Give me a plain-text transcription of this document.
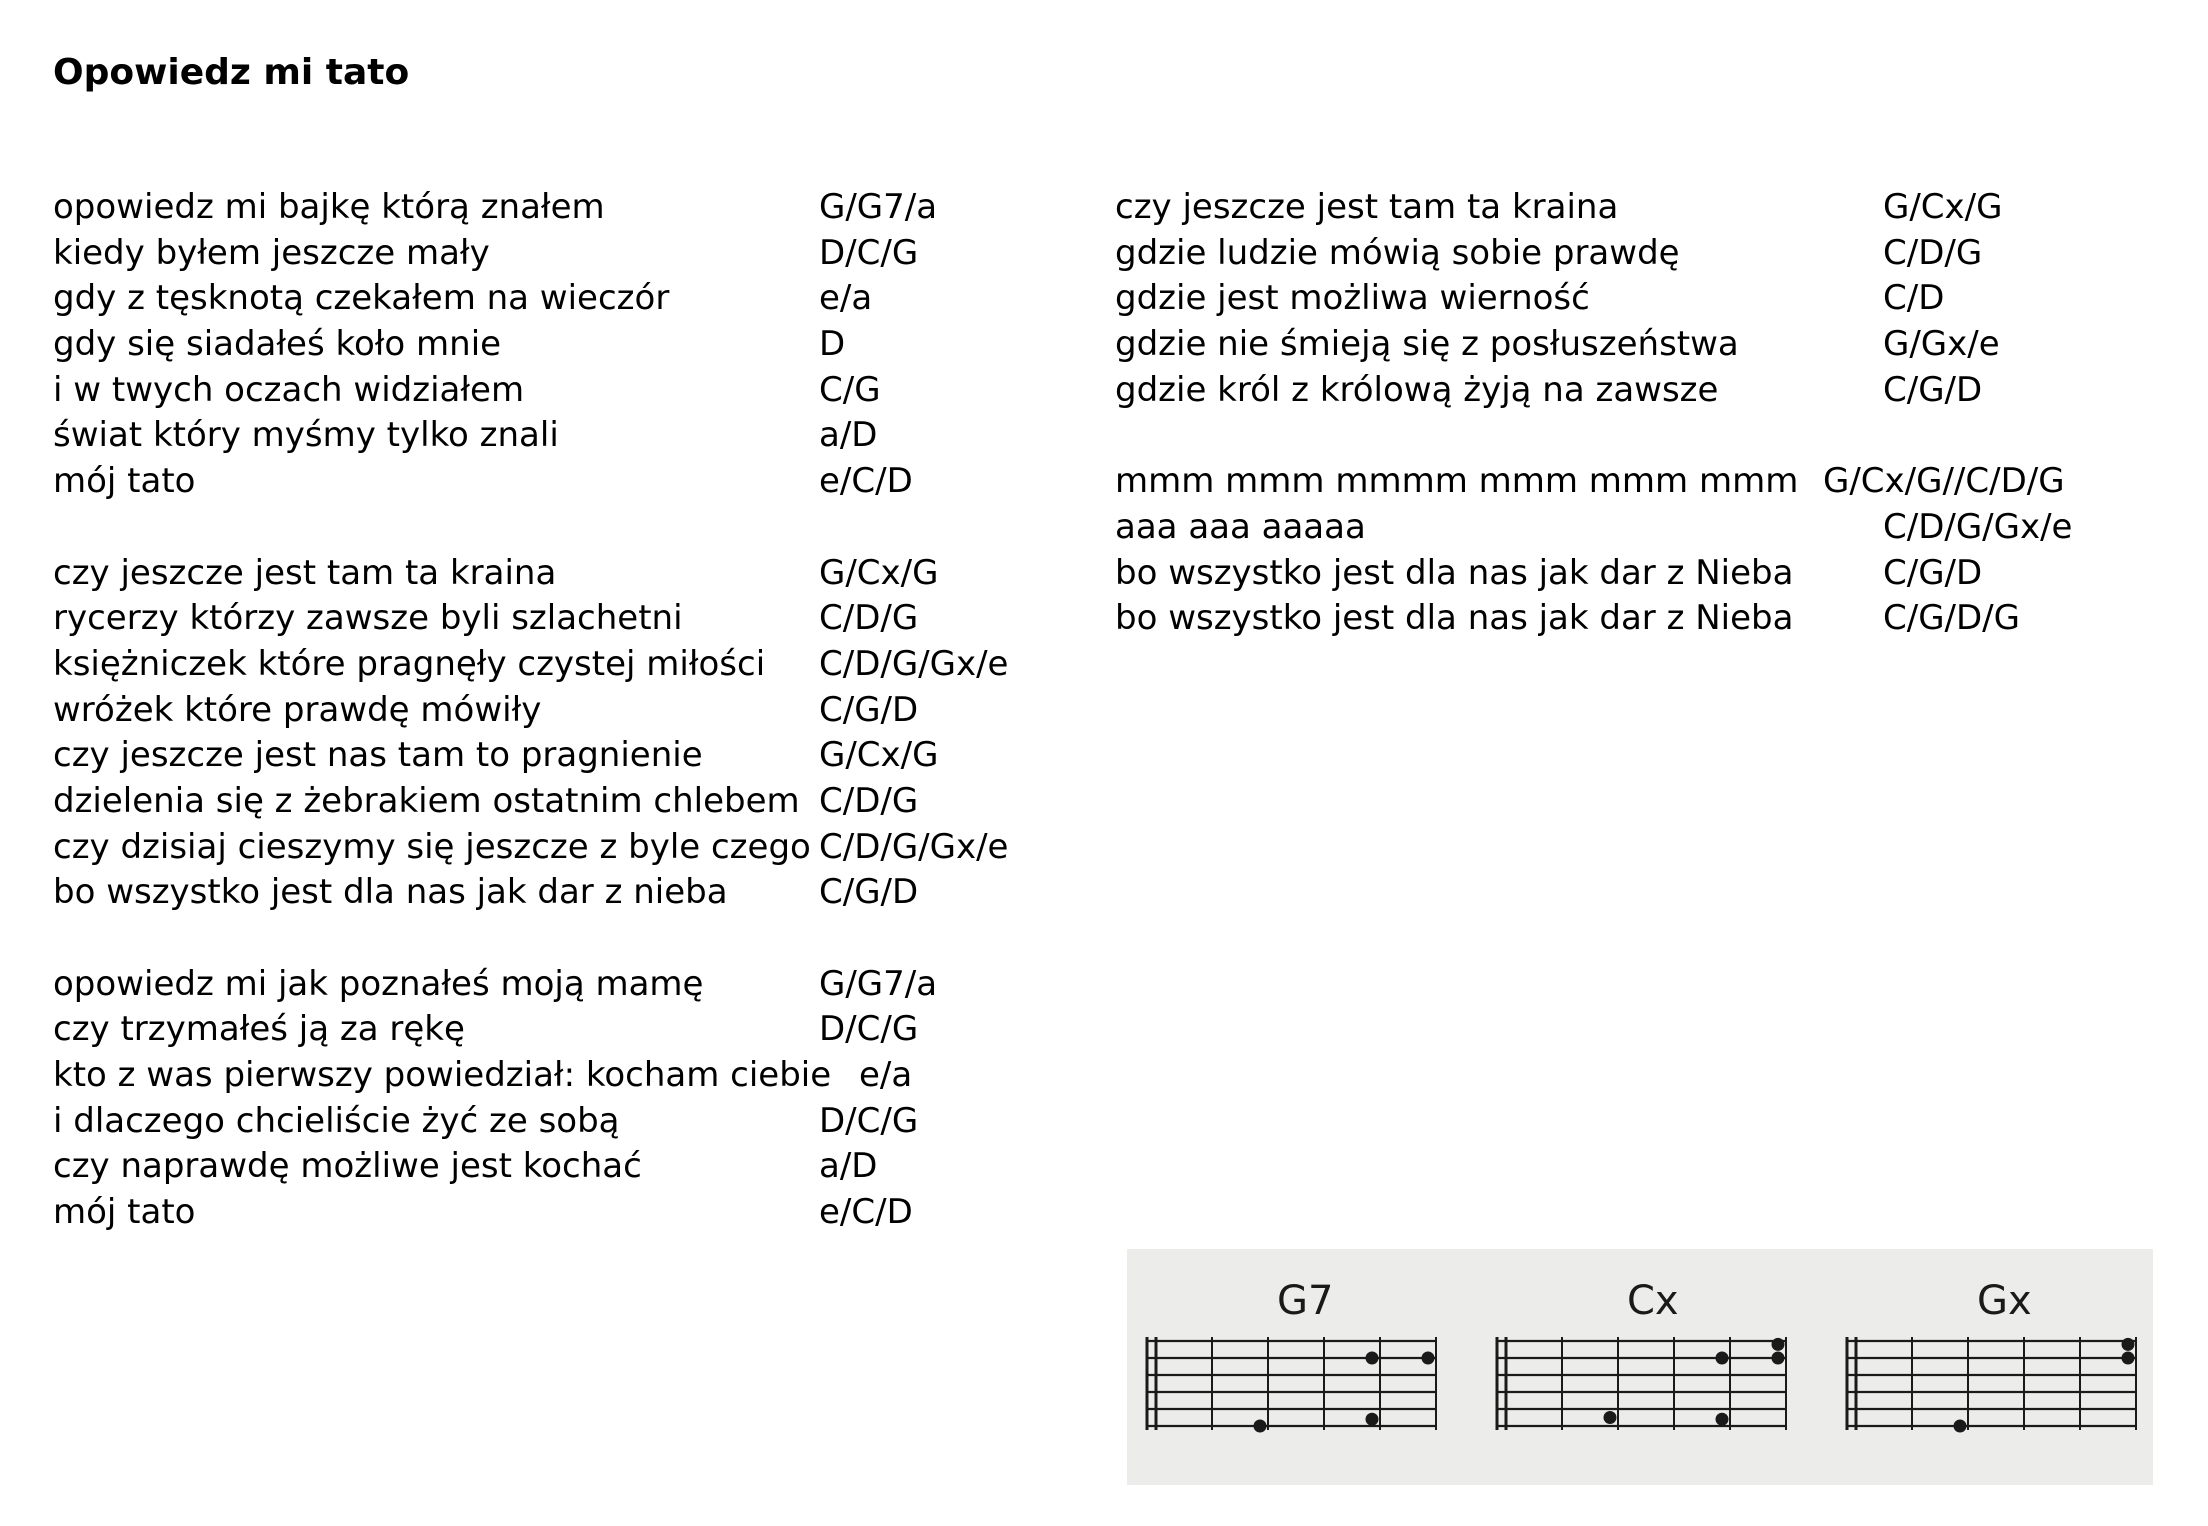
Opowiedz mi tato
opowiedz mi bajkę którą znałem	G/G7/a
kiedy byłem jeszcze mały	D/C/G
gdy z tęsknotą czekałem na wieczór	e/a
gdy się siadałeś koło mnie	D
i w twych oczach widziałem	C/G
świat który myśmy tylko znali	a/D
mój tato	e/C/D
czy jeszcze jest tam ta kraina	G/Cx/G
rycerzy którzy zawsze byli szlachetni	C/D/G
księżniczek które pragnęły czystej miłości C/D/G/Gx/e
wróżek które prawdę mówiły	C/G/D
czy jeszcze jest nas tam to pragnienie	G/Cx/G
dzielenia się z żebrakiem ostatnim chlebem C/D/G
czy dzisiaj cieszymy się jeszcze z byle czego C/D/G/Gx/e
bo wszystko jest dla nas jak dar z nieba	C/G/D
opowiedz mi jak poznałeś moją mamę	G/G7/a
czy trzymałeś ją za rękę	D/C/G
kto z was pierwszy powiedział: kocham ciebie e/a
i dlaczego chcieliście żyć ze sobą	D/C/G
czy naprawdę możliwe jest kochać	a/D
mój tato	e/C/D
czy jeszcze jest tam ta kraina	G/Cx/G
gdzie ludzie mówią sobie prawdę	C/D/G
gdzie jest możliwa wierność	C/D
gdzie nie śmieją się z posłuszeństwa	G/Gx/e
gdzie król z królową żyją na zawsze	C/G/D
mmm mmm mmmm mmm mmm mmm G/Cx/G//C/D/G
aaa aaa aaaaa	C/D/G/Gx/e
bo wszystko jest dla nas jak dar z Nieba	C/G/D
bo wszystko jest dla nas jak dar z Nieba	C/G/D/G
G7	Cx	Gx
